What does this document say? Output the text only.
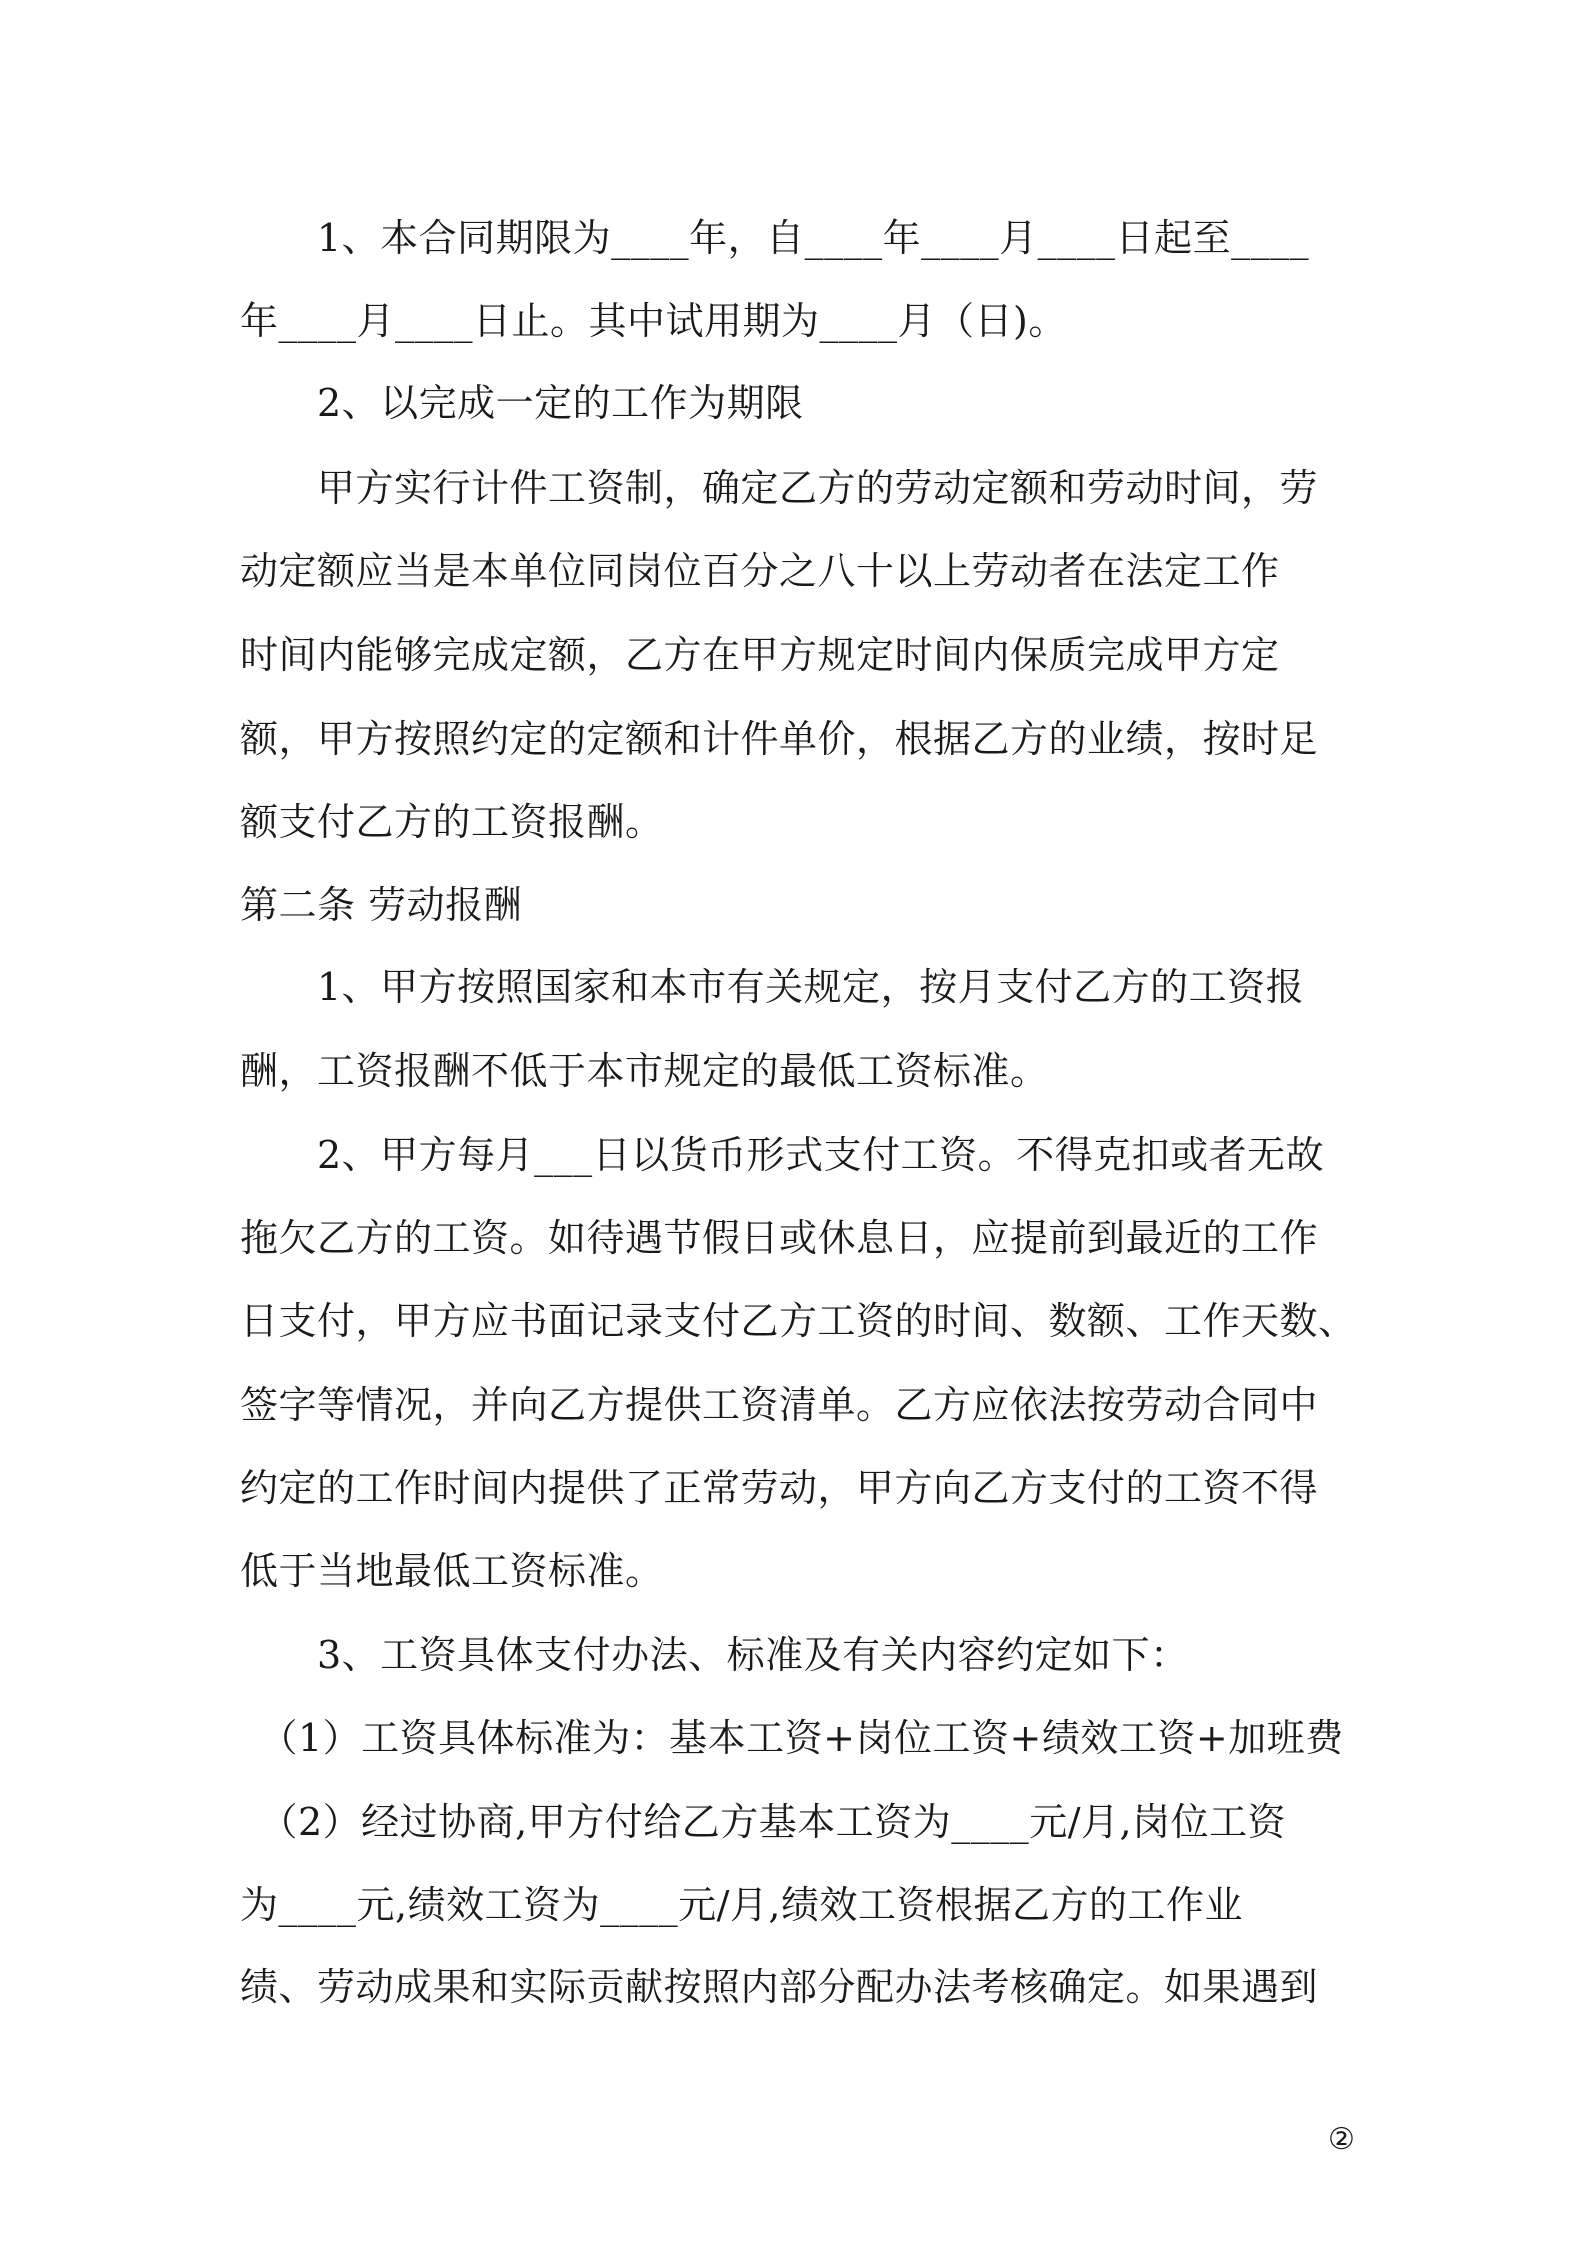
　　1、本合同期限为____年，自____年____月____日起至____
年____月____日止。其中试用期为____月（日)。
　　2、以完成一定的工作为期限
　　甲方实行计件工资制，确定乙方的劳动定额和劳动时间，劳
动定额应当是本单位同岗位百分之八十以上劳动者在法定工作
时间内能够完成定额，乙方在甲方规定时间内保质完成甲方定
额，甲方按照约定的定额和计件单价，根据乙方的业绩，按时足
额支付乙方的工资报酬。
第二条 劳动报酬
　　1、甲方按照国家和本市有关规定，按月支付乙方的工资报
酬，工资报酬不低于本市规定的最低工资标准。
　　2、甲方每月___日以货币形式支付工资。不得克扣或者无故
拖欠乙方的工资。如待遇节假日或休息日，应提前到最近的工作
日支付，甲方应书面记录支付乙方工资的时间、数额、工作天数、
签字等情况，并向乙方提供工资清单。乙方应依法按劳动合同中
约定的工作时间内提供了正常劳动，甲方向乙方支付的工资不得
低于当地最低工资标准。
　　3、工资具体支付办法、标准及有关内容约定如下：
　（1）工资具体标准为：基本工资+岗位工资+绩效工资+加班费
　（2）经过协商,甲方付给乙方基本工资为____元/月,岗位工资
为____元,绩效工资为____元/月,绩效工资根据乙方的工作业
绩、劳动成果和实际贡献按照内部分配办法考核确定。如果遇到
②
